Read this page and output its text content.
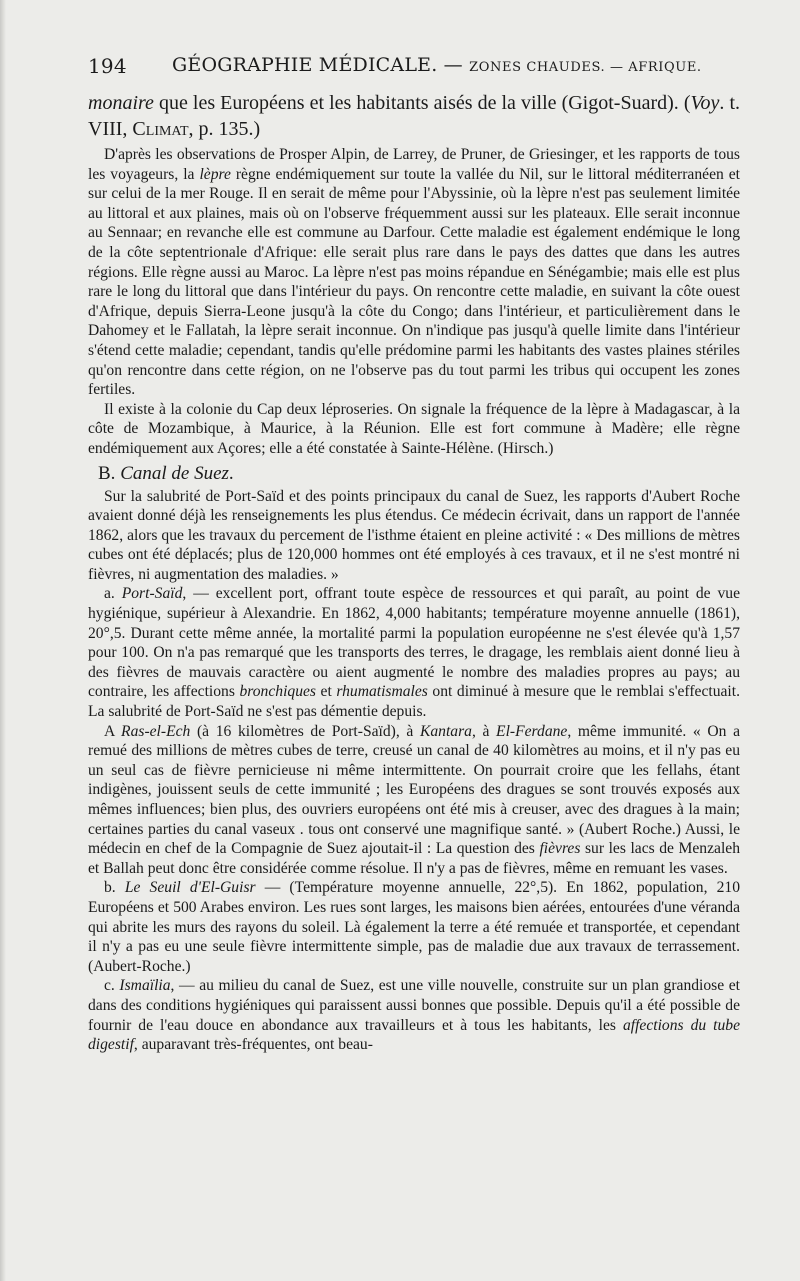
194 GÉOGRAPHIE MÉDICALE. — ZONES CHAUDES. — AFRIQUE.

monaire que les Européens et les habitants aisés de la ville (Gigot-Suard). (Voy. t. VIII, CLIMAT, p. 135.)

D'après les observations de Prosper Alpin, de Larrey, de Pruner, de Griesinger, et les rapports de tous les voyageurs, la lèpre règne endémiquement sur toute la vallée du Nil, sur le littoral méditerranéen et sur celui de la mer Rouge. Il en serait de même pour l'Abyssinie, où la lèpre n'est pas seulement limitée au littoral et aux plaines, mais où on l'observe fréquemment aussi sur les plateaux. Elle serait inconnue au Sennaar; en revanche elle est commune au Darfour. Cette maladie est également endémique le long de la côte septentrionale d'Afrique: elle serait plus rare dans le pays des dattes que dans les autres régions. Elle règne aussi au Maroc. La lèpre n'est pas moins répandue en Sénégambie; mais elle est plus rare le long du littoral que dans l'intérieur du pays. On rencontre cette maladie, en suivant la côte ouest d'Afrique, depuis Sierra-Leone jusqu'à la côte du Congo; dans l'intérieur, et particulièrement dans le Dahomey et le Fallatah, la lèpre serait inconnue. On n'indique pas jusqu'à quelle limite dans l'intérieur s'étend cette maladie; cependant, tandis qu'elle prédomine parmi les habitants des vastes plaines stériles qu'on rencontre dans cette région, on ne l'observe pas du tout parmi les tribus qui occupent les zones fertiles.

Il existe à la colonie du Cap deux léproseries. On signale la fréquence de la lèpre à Madagascar, à la côte de Mozambique, à Maurice, à la Réunion. Elle est fort commune à Madère; elle règne endémiquement aux Açores; elle a été constatée à Sainte-Hélène. (Hirsch.)

B. Canal de Suez.

Sur la salubrité de Port-Saïd et des points principaux du canal de Suez, les rapports d'Aubert Roche avaient donné déjà les renseignements les plus étendus. Ce médecin écrivait, dans un rapport de l'année 1862, alors que les travaux du percement de l'isthme étaient en pleine activité : « Des millions de mètres cubes ont été déplacés; plus de 120,000 hommes ont été employés à ces travaux, et il ne s'est montré ni fièvres, ni augmentation des maladies. »

a. Port-Saïd, — excellent port, offrant toute espèce de ressources et qui paraît, au point de vue hygiénique, supérieur à Alexandrie. En 1862, 4,000 habitants; température moyenne annuelle (1861), 20°,5. Durant cette même année, la mortalité parmi la population européenne ne s'est élevée qu'à 1,57 pour 100. On n'a pas remarqué que les transports des terres, le dragage, les remblais aient donné lieu à des fièvres de mauvais caractère ou aient augmenté le nombre des maladies propres au pays; au contraire, les affections bronchiques et rhumatismales ont diminué à mesure que le remblai s'effectuait. La salubrité de Port-Saïd ne s'est pas démentie depuis.

A Ras-el-Ech (à 16 kilomètres de Port-Saïd), à Kantara, à El-Ferdane, même immunité. « On a remué des millions de mètres cubes de terre, creusé un canal de 40 kilomètres au moins, et il n'y pas eu un seul cas de fièvre pernicieuse ni même intermittente. On pourrait croire que les fellahs, étant indigènes, jouissent seuls de cette immunité ; les Européens des dragues se sont trouvés exposés aux mêmes influences; bien plus, des ouvriers européens ont été mis à creuser, avec des dragues à la main; certaines parties du canal vaseux . tous ont conservé une magnifique santé. » (Aubert Roche.) Aussi, le médecin en chef de la Compagnie de Suez ajoutait-il : La question des fièvres sur les lacs de Menzaleh et Ballah peut donc être considérée comme résolue. Il n'y a pas de fièvres, même en remuant les vases.

b. Le Seuil d'El-Guisr — (Température moyenne annuelle, 22°,5). En 1862, population, 210 Européens et 500 Arabes environ. Les rues sont larges, les maisons bien aérées, entourées d'une véranda qui abrite les murs des rayons du soleil. Là également la terre a été remuée et transportée, et cependant il n'y a pas eu une seule fièvre intermittente simple, pas de maladie due aux travaux de terrassement. (Aubert-Roche.)

c. Ismaïlia, — au milieu du canal de Suez, est une ville nouvelle, construite sur un plan grandiose et dans des conditions hygiéniques qui paraissent aussi bonnes que possible. Depuis qu'il a été possible de fournir de l'eau douce en abondance aux travailleurs et à tous les habitants, les affections du tube digestif, auparavant très-fréquentes, ont beau-
